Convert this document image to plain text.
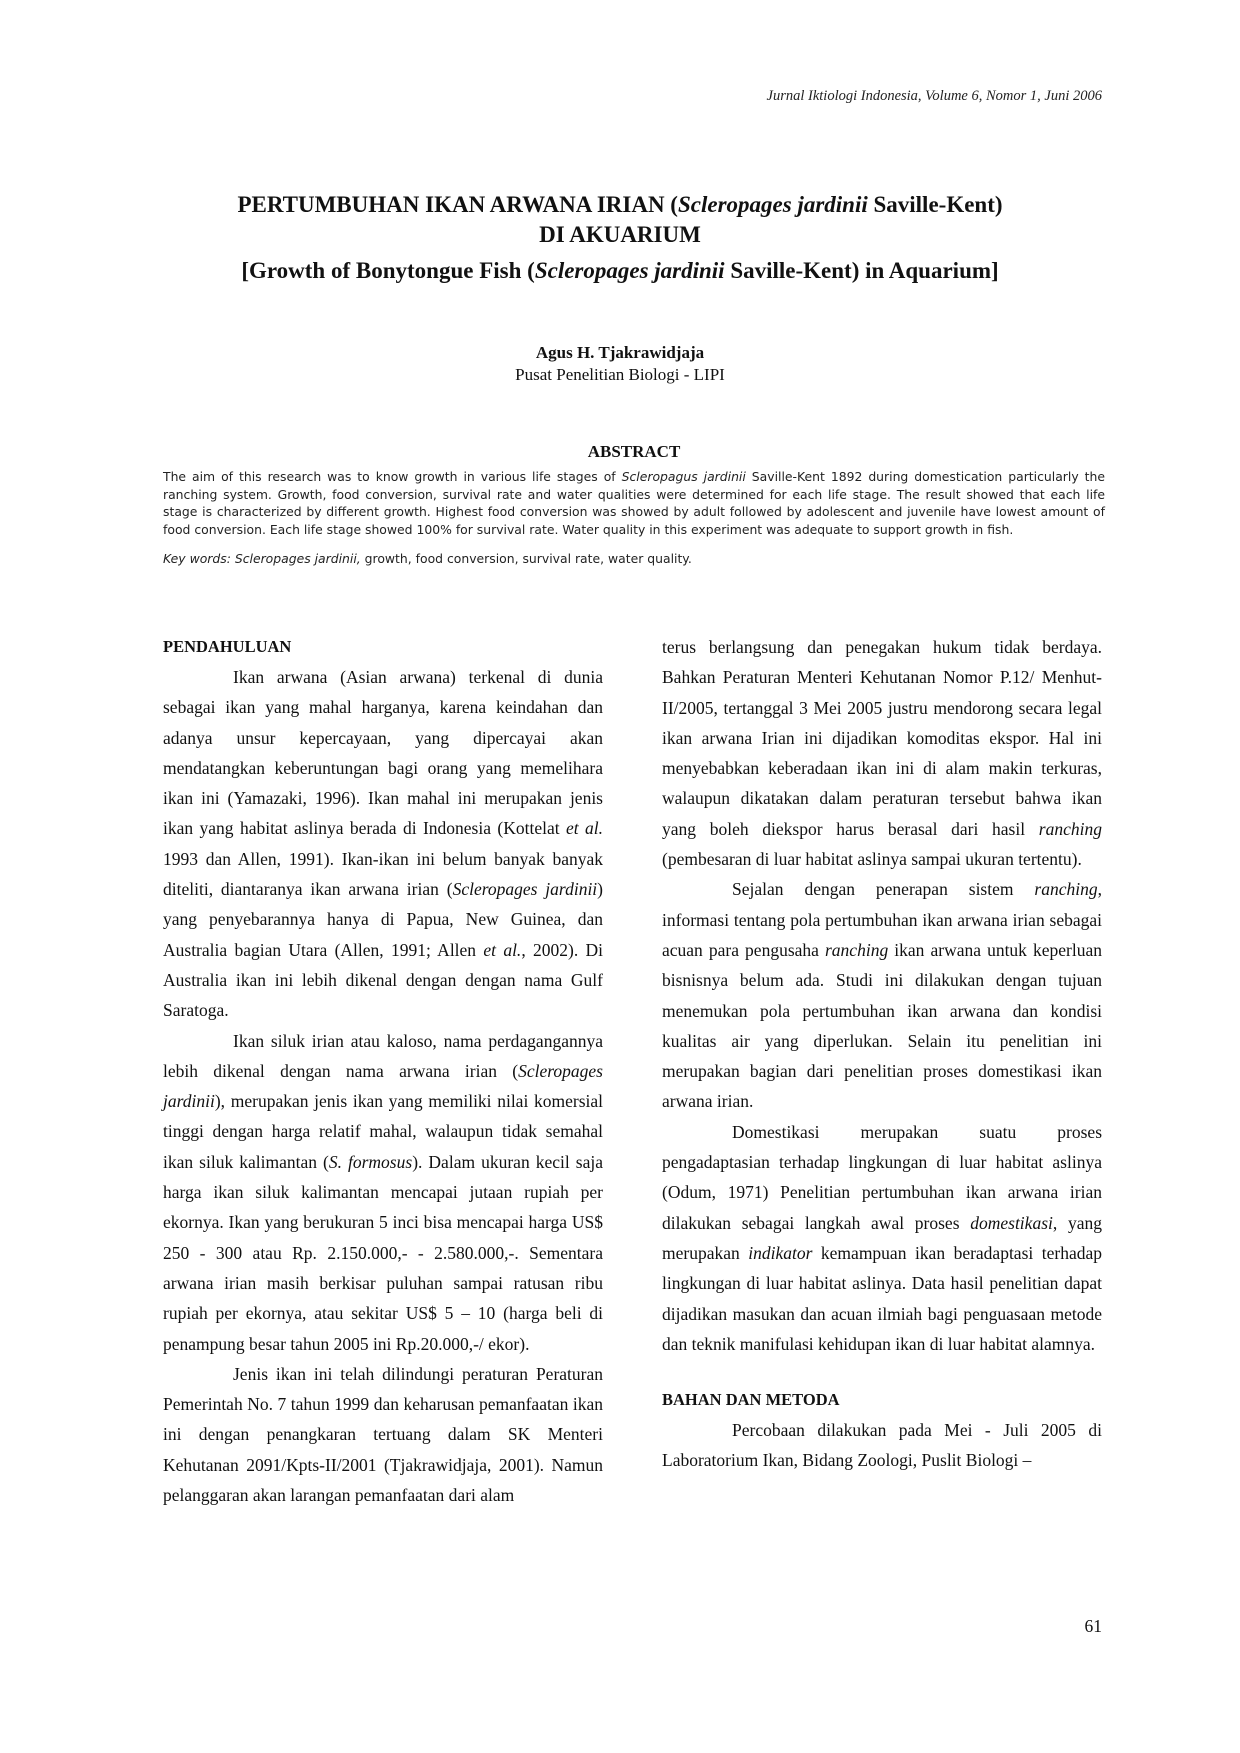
Jurnal Iktiologi Indonesia, Volume 6, Nomor 1, Juni 2006
PERTUMBUHAN IKAN ARWANA IRIAN (Scleropages jardinii Saville-Kent)
DI AKUARIUM
[Growth of Bonytongue Fish (Scleropages jardinii Saville-Kent) in Aquarium]
Agus H. Tjakrawidjaja
Pusat Penelitian Biologi - LIPI
ABSTRACT
The aim of this research was to know growth in various life stages of Scleropagus jardinii Saville-Kent 1892 during domestication particularly the ranching system. Growth, food conversion, survival rate and water qualities were determined for each life stage. The result showed that each life stage is characterized by different growth. Highest food conversion was showed by adult followed by adolescent and juvenile have lowest amount of food conversion. Each life stage showed 100% for survival rate. Water quality in this experiment was adequate to support growth in fish.
Key words: Scleropages jardinii, growth, food conversion, survival rate, water quality.
PENDAHULUAN

Ikan arwana (Asian arwana) terkenal di dunia sebagai ikan yang mahal harganya, karena keindahan dan adanya unsur kepercayaan, yang dipercayai akan mendatangkan keberuntungan bagi orang yang memelihara ikan ini (Yamazaki, 1996). Ikan mahal ini merupakan jenis ikan yang habitat aslinya berada di Indonesia (Kottelat et al. 1993 dan Allen, 1991). Ikan-ikan ini belum banyak banyak diteliti, diantaranya ikan arwana irian (Scleropages jardinii) yang penyebarannya hanya di Papua, New Guinea, dan Australia bagian Utara (Allen, 1991; Allen et al., 2002). Di Australia ikan ini lebih dikenal dengan dengan nama Gulf Saratoga.

Ikan siluk irian atau kaloso, nama perdagangannya lebih dikenal dengan nama arwana irian (Scleropages jardinii), merupakan jenis ikan yang memiliki nilai komersial tinggi dengan harga relatif mahal, walaupun tidak semahal ikan siluk kalimantan (S. formosus). Dalam ukuran kecil saja harga ikan siluk kalimantan mencapai jutaan rupiah per ekornya. Ikan yang berukuran 5 inci bisa mencapai harga US$ 250 - 300 atau Rp. 2.150.000,- - 2.580.000,-. Sementara arwana irian masih berkisar puluhan sampai ratusan ribu rupiah per ekornya, atau sekitar US$ 5 – 10 (harga beli di penampung besar tahun 2005 ini Rp.20.000,-/ ekor).

Jenis ikan ini telah dilindungi peraturan Peraturan Pemerintah No. 7 tahun 1999 dan keharusan pemanfaatan ikan ini dengan penangkaran tertuang dalam SK Menteri Kehutanan 2091/Kpts-II/2001 (Tjakrawidjaja, 2001). Namun pelanggaran akan larangan pemanfaatan dari alam

terus berlangsung dan penegakan hukum tidak berdaya. Bahkan Peraturan Menteri Kehutanan Nomor P.12/ Menhut-II/2005, tertanggal 3 Mei 2005 justru mendorong secara legal ikan arwana Irian ini dijadikan komoditas ekspor. Hal ini menyebabkan keberadaan ikan ini di alam makin terkuras, walaupun dikatakan dalam peraturan tersebut bahwa ikan yang boleh diekspor harus berasal dari hasil ranching (pembesaran di luar habitat aslinya sampai ukuran tertentu).

Sejalan dengan penerapan sistem ranching, informasi tentang pola pertumbuhan ikan arwana irian sebagai acuan para pengusaha ranching ikan arwana untuk keperluan bisnisnya belum ada. Studi ini dilakukan dengan tujuan menemukan pola pertumbuhan ikan arwana dan kondisi kualitas air yang diperlukan. Selain itu penelitian ini merupakan bagian dari penelitian proses domestikasi ikan arwana irian.

Domestikasi merupakan suatu proses pengadaptasian terhadap lingkungan di luar habitat aslinya (Odum, 1971) Penelitian pertumbuhan ikan arwana irian dilakukan sebagai langkah awal proses domestikasi, yang merupakan indikator kemampuan ikan beradaptasi terhadap lingkungan di luar habitat aslinya. Data hasil penelitian dapat dijadikan masukan dan acuan ilmiah bagi penguasaan metode dan teknik manifulasi kehidupan ikan di luar habitat alamnya.

BAHAN DAN METODA

Percobaan dilakukan pada Mei - Juli 2005 di Laboratorium Ikan, Bidang Zoologi, Puslit Biologi –

61
